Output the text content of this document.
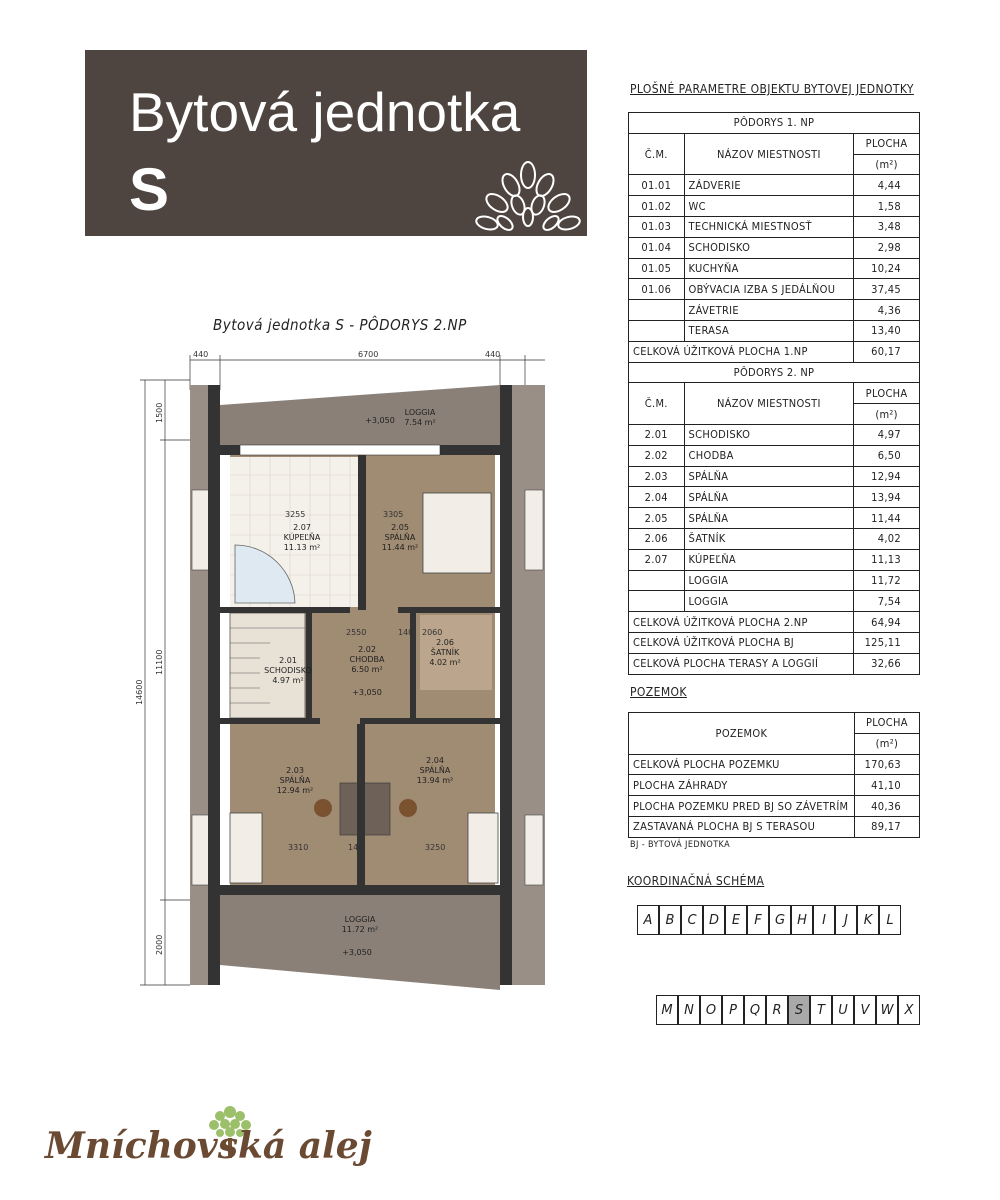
Bytová jednotka
S
Bytová jednotka S - PÔDORYS 2.NP
440	6700	440
14600
11100
1500
2000
2.07
KÚPEĽŇA
11.13 m²
2.05
SPÁLŇA
11.44 m²
2.01
SCHODISKO
4.97 m²
2.02
CHODBA
6.50 m²
2.06
ŠATNÍK
4.02 m²
2.03
SPÁLŇA
12.94 m²
2.04
SPÁLŇA
13.94 m²
LOGGIA
7.54 m²
LOGGIA
11.72 m²
+3,050
+3,050
+3,050
3255	3305
2550	140 2060
3310	140	3250
PLOŠNÉ PARAMETRE OBJEKTU BYTOVEJ JEDNOTKY
PÔDORYS 1. NP		
Č.M.	NÁZOV MIESTNOSTI	PLOCHA
		(m²)
01.01	ZÁDVERIE	4,44
01.02	WC	1,58
01.03	TECHNICKÁ MIESTNOSŤ	3,48
01.04	SCHODISKO	2,98
01.05	KUCHYŇA	10,24
01.06	OBÝVACIA IZBA S JEDÁLŇOU	37,45
	ZÁVETRIE	4,36
	TERASA	13,40
CELKOVÁ ÚŽITKOVÁ PLOCHA 1.NP		60,17
PÔDORYS 2. NP		
Č.M.	NÁZOV MIESTNOSTI	PLOCHA
		(m²)
2.01	SCHODISKO	4,97
2.02	CHODBA	6,50
2.03	SPÁLŇA	12,94
2.04	SPÁLŇA	13,94
2.05	SPÁLŇA	11,44
2.06	ŠATNÍK	4,02
2.07	KÚPEĽŇA	11,13
	LOGGIA	11,72
	LOGGIA	7,54
CELKOVÁ ÚŽITKOVÁ PLOCHA 2.NP		64,94
CELKOVÁ ÚŽITKOVÁ PLOCHA BJ		125,11
CELKOVÁ PLOCHA TERASY A LOGGIÍ		32,66
POZEMOK
POZEMOK	PLOCHA
	(m²)
CELKOVÁ PLOCHA POZEMKU	170,63
PLOCHA ZÁHRADY	41,10
PLOCHA POZEMKU PRED BJ SO ZÁVETRÍM	40,36
ZASTAVANÁ PLOCHA BJ S TERASOU	89,17
BJ - BYTOVÁ JEDNOTKA
KOORDINAČNÁ SCHÉMA
A	B	C D E	F	G H	I	J	K	L
M N O P Q R	S	T	U V W X
Mníchovská alej
